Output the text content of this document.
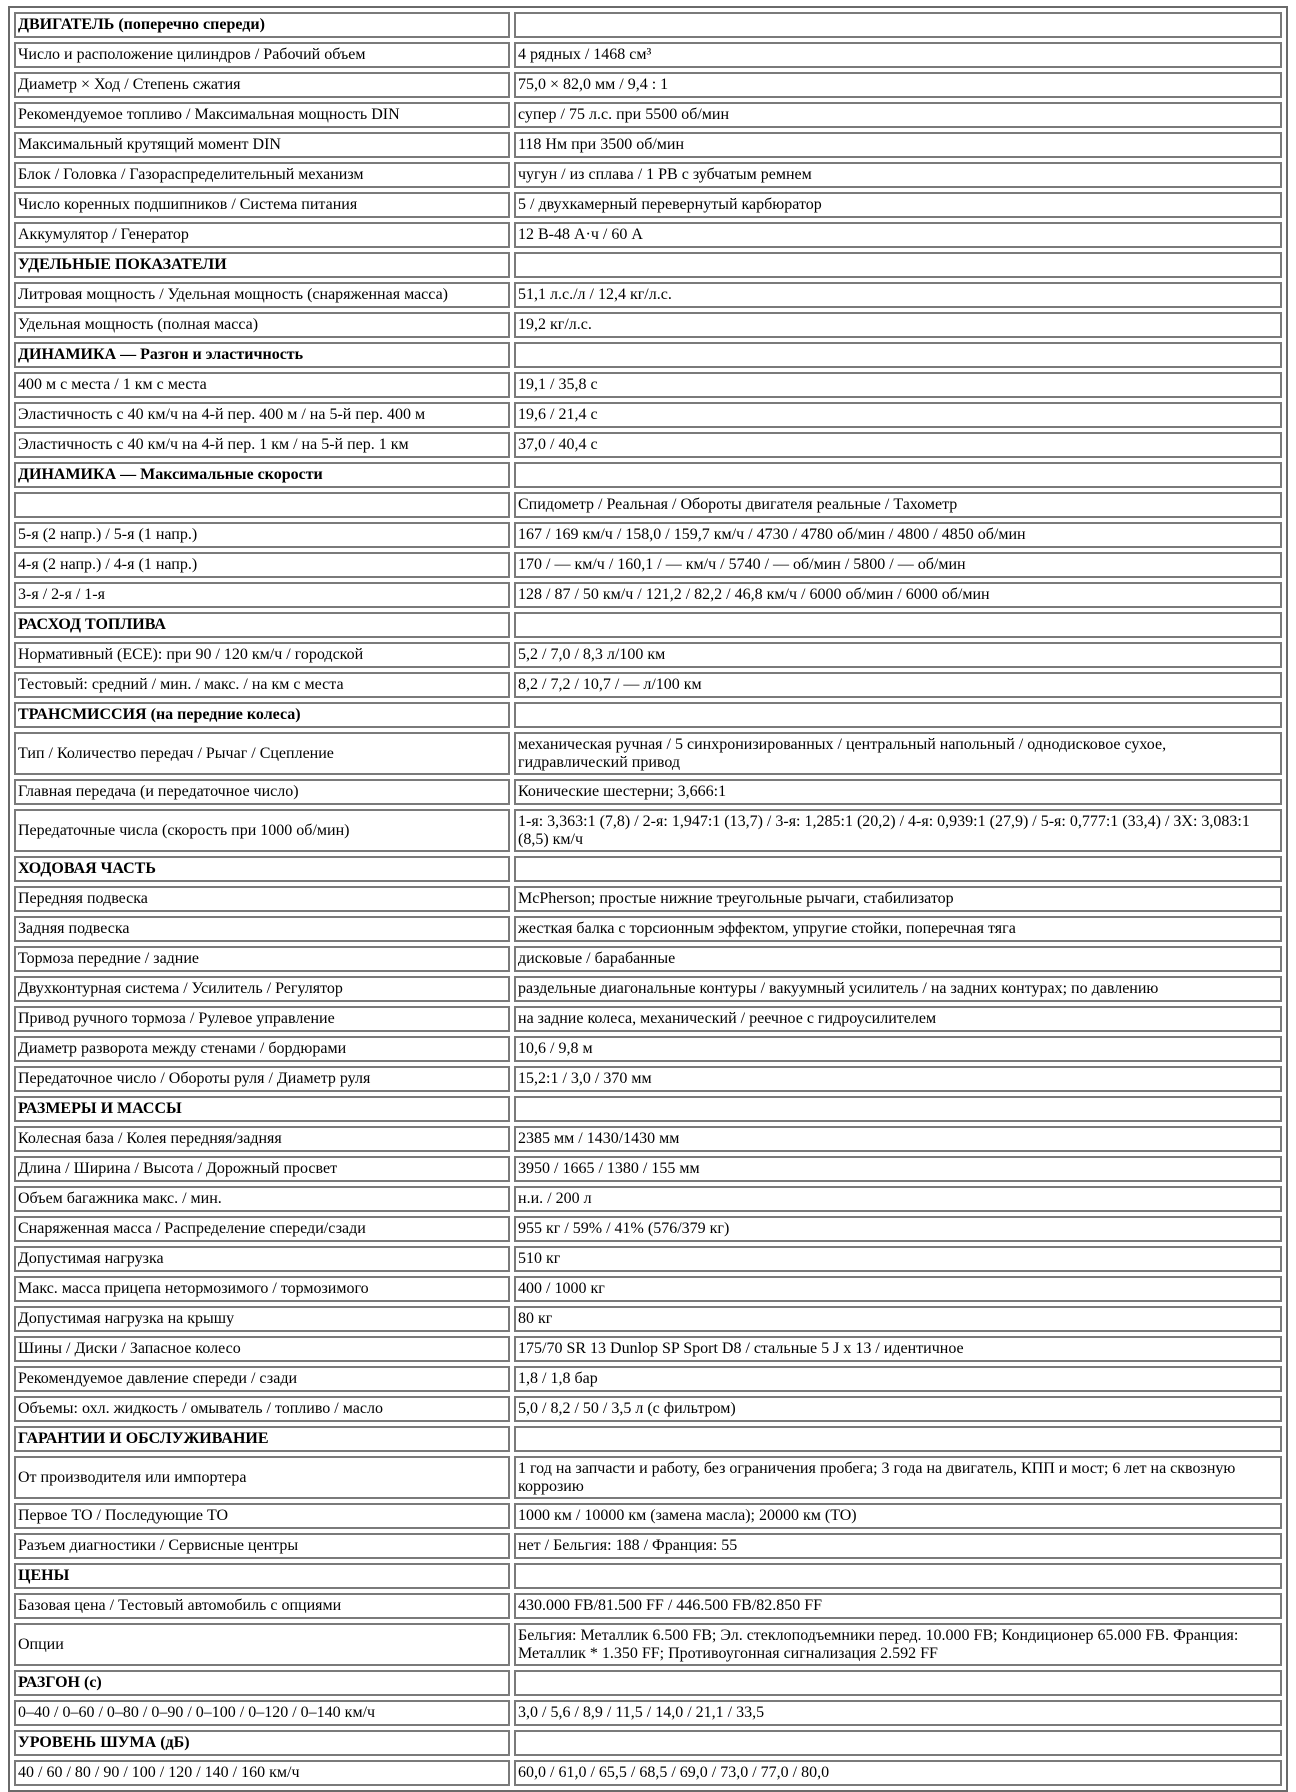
ДВИГАТЕЛЬ (поперечно спереди)	
Число и расположение цилиндров / Рабочий объем	4 рядных / 1468 см³
Диаметр × Ход / Степень сжатия	75,0 × 82,0 мм / 9,4 : 1
Рекомендуемое топливо / Максимальная мощность DIN	супер / 75 л.с. при 5500 об/мин
Максимальный крутящий момент DIN	118 Нм при 3500 об/мин
Блок / Головка / Газораспределительный механизм	чугун / из сплава / 1 РВ с зубчатым ремнем
Число коренных подшипников / Система питания	5 / двухкамерный перевернутый карбюратор
Аккумулятор / Генератор	12 В-48 А·ч / 60 А
УДЕЛЬНЫЕ ПОКАЗАТЕЛИ	
Литровая мощность / Удельная мощность (снаряженная масса)	51,1 л.с./л / 12,4 кг/л.с.
Удельная мощность (полная масса)	19,2 кг/л.с.
ДИНАМИКА — Разгон и эластичность	
400 м с места / 1 км с места	19,1 / 35,8 с
Эластичность с 40 км/ч на 4-й пер. 400 м / на 5-й пер. 400 м	19,6 / 21,4 с
Эластичность с 40 км/ч на 4-й пер. 1 км / на 5-й пер. 1 км	37,0 / 40,4 с
ДИНАМИКА — Максимальные скорости	
	Спидометр / Реальная / Обороты двигателя реальные / Тахометр
5-я (2 напр.) / 5-я (1 напр.)	167 / 169 км/ч / 158,0 / 159,7 км/ч / 4730 / 4780 об/мин / 4800 / 4850 об/мин
4-я (2 напр.) / 4-я (1 напр.)	170 / — км/ч / 160,1 / — км/ч / 5740 / — об/мин / 5800 / — об/мин
3-я / 2-я / 1-я	128 / 87 / 50 км/ч / 121,2 / 82,2 / 46,8 км/ч / 6000 об/мин / 6000 об/мин
РАСХОД ТОПЛИВА	
Нормативный (ECE): при 90 / 120 км/ч / городской	5,2 / 7,0 / 8,3 л/100 км
Тестовый: средний / мин. / макс. / на км с места	8,2 / 7,2 / 10,7 / — л/100 км
ТРАНСМИССИЯ (на передние колеса)	
Тип / Количество передач / Рычаг / Сцепление	механическая ручная / 5 синхронизированных / центральный напольный / однодисковое сухое, гидравлический привод
Главная передача (и передаточное число)	Конические шестерни; 3,666:1
Передаточные числа (скорость при 1000 об/мин)	1-я: 3,363:1 (7,8) / 2-я: 1,947:1 (13,7) / 3-я: 1,285:1 (20,2) / 4-я: 0,939:1 (27,9) / 5-я: 0,777:1 (33,4) / ЗХ: 3,083:1 (8,5) км/ч
ХОДОВАЯ ЧАСТЬ	
Передняя подвеска	McPherson; простые нижние треугольные рычаги, стабилизатор
Задняя подвеска	жесткая балка с торсионным эффектом, упругие стойки, поперечная тяга
Тормоза передние / задние	дисковые / барабанные
Двухконтурная система / Усилитель / Регулятор	раздельные диагональные контуры / вакуумный усилитель / на задних контурах; по давлению
Привод ручного тормоза / Рулевое управление	на задние колеса, механический / реечное с гидроусилителем
Диаметр разворота между стенами / бордюрами	10,6 / 9,8 м
Передаточное число / Обороты руля / Диаметр руля	15,2:1 / 3,0 / 370 мм
РАЗМЕРЫ И МАССЫ	
Колесная база / Колея передняя/задняя	2385 мм / 1430/1430 мм
Длина / Ширина / Высота / Дорожный просвет	3950 / 1665 / 1380 / 155 мм
Объем багажника макс. / мин.	н.и. / 200 л
Снаряженная масса / Распределение спереди/сзади	955 кг / 59% / 41% (576/379 кг)
Допустимая нагрузка	510 кг
Макс. масса прицепа нетормозимого / тормозимого	400 / 1000 кг
Допустимая нагрузка на крышу	80 кг
Шины / Диски / Запасное колесо	175/70 SR 13 Dunlop SP Sport D8 / стальные 5 J x 13 / идентичное
Рекомендуемое давление спереди / сзади	1,8 / 1,8 бар
Объемы: охл. жидкость / омыватель / топливо / масло	5,0 / 8,2 / 50 / 3,5 л (с фильтром)
ГАРАНТИИ И ОБСЛУЖИВАНИЕ	
От производителя или импортера	1 год на запчасти и работу, без ограничения пробега; 3 года на двигатель, КПП и мост; 6 лет на сквозную коррозию
Первое ТО / Последующие ТО	1000 км / 10000 км (замена масла); 20000 км (ТО)
Разъем диагностики / Сервисные центры	нет / Бельгия: 188 / Франция: 55
ЦЕНЫ	
Базовая цена / Тестовый автомобиль с опциями	430.000 FB/81.500 FF / 446.500 FB/82.850 FF
Опции	Бельгия: Металлик 6.500 FB; Эл. стеклоподъемники перед. 10.000 FB; Кондиционер 65.000 FB. Франция: Металлик * 1.350 FF; Противоугонная сигнализация 2.592 FF
РАЗГОН (с)	
0–40 / 0–60 / 0–80 / 0–90 / 0–100 / 0–120 / 0–140 км/ч	3,0 / 5,6 / 8,9 / 11,5 / 14,0 / 21,1 / 33,5
УРОВЕНЬ ШУМА (дБ)	
40 / 60 / 80 / 90 / 100 / 120 / 140 / 160 км/ч	60,0 / 61,0 / 65,5 / 68,5 / 69,0 / 73,0 / 77,0 / 80,0
